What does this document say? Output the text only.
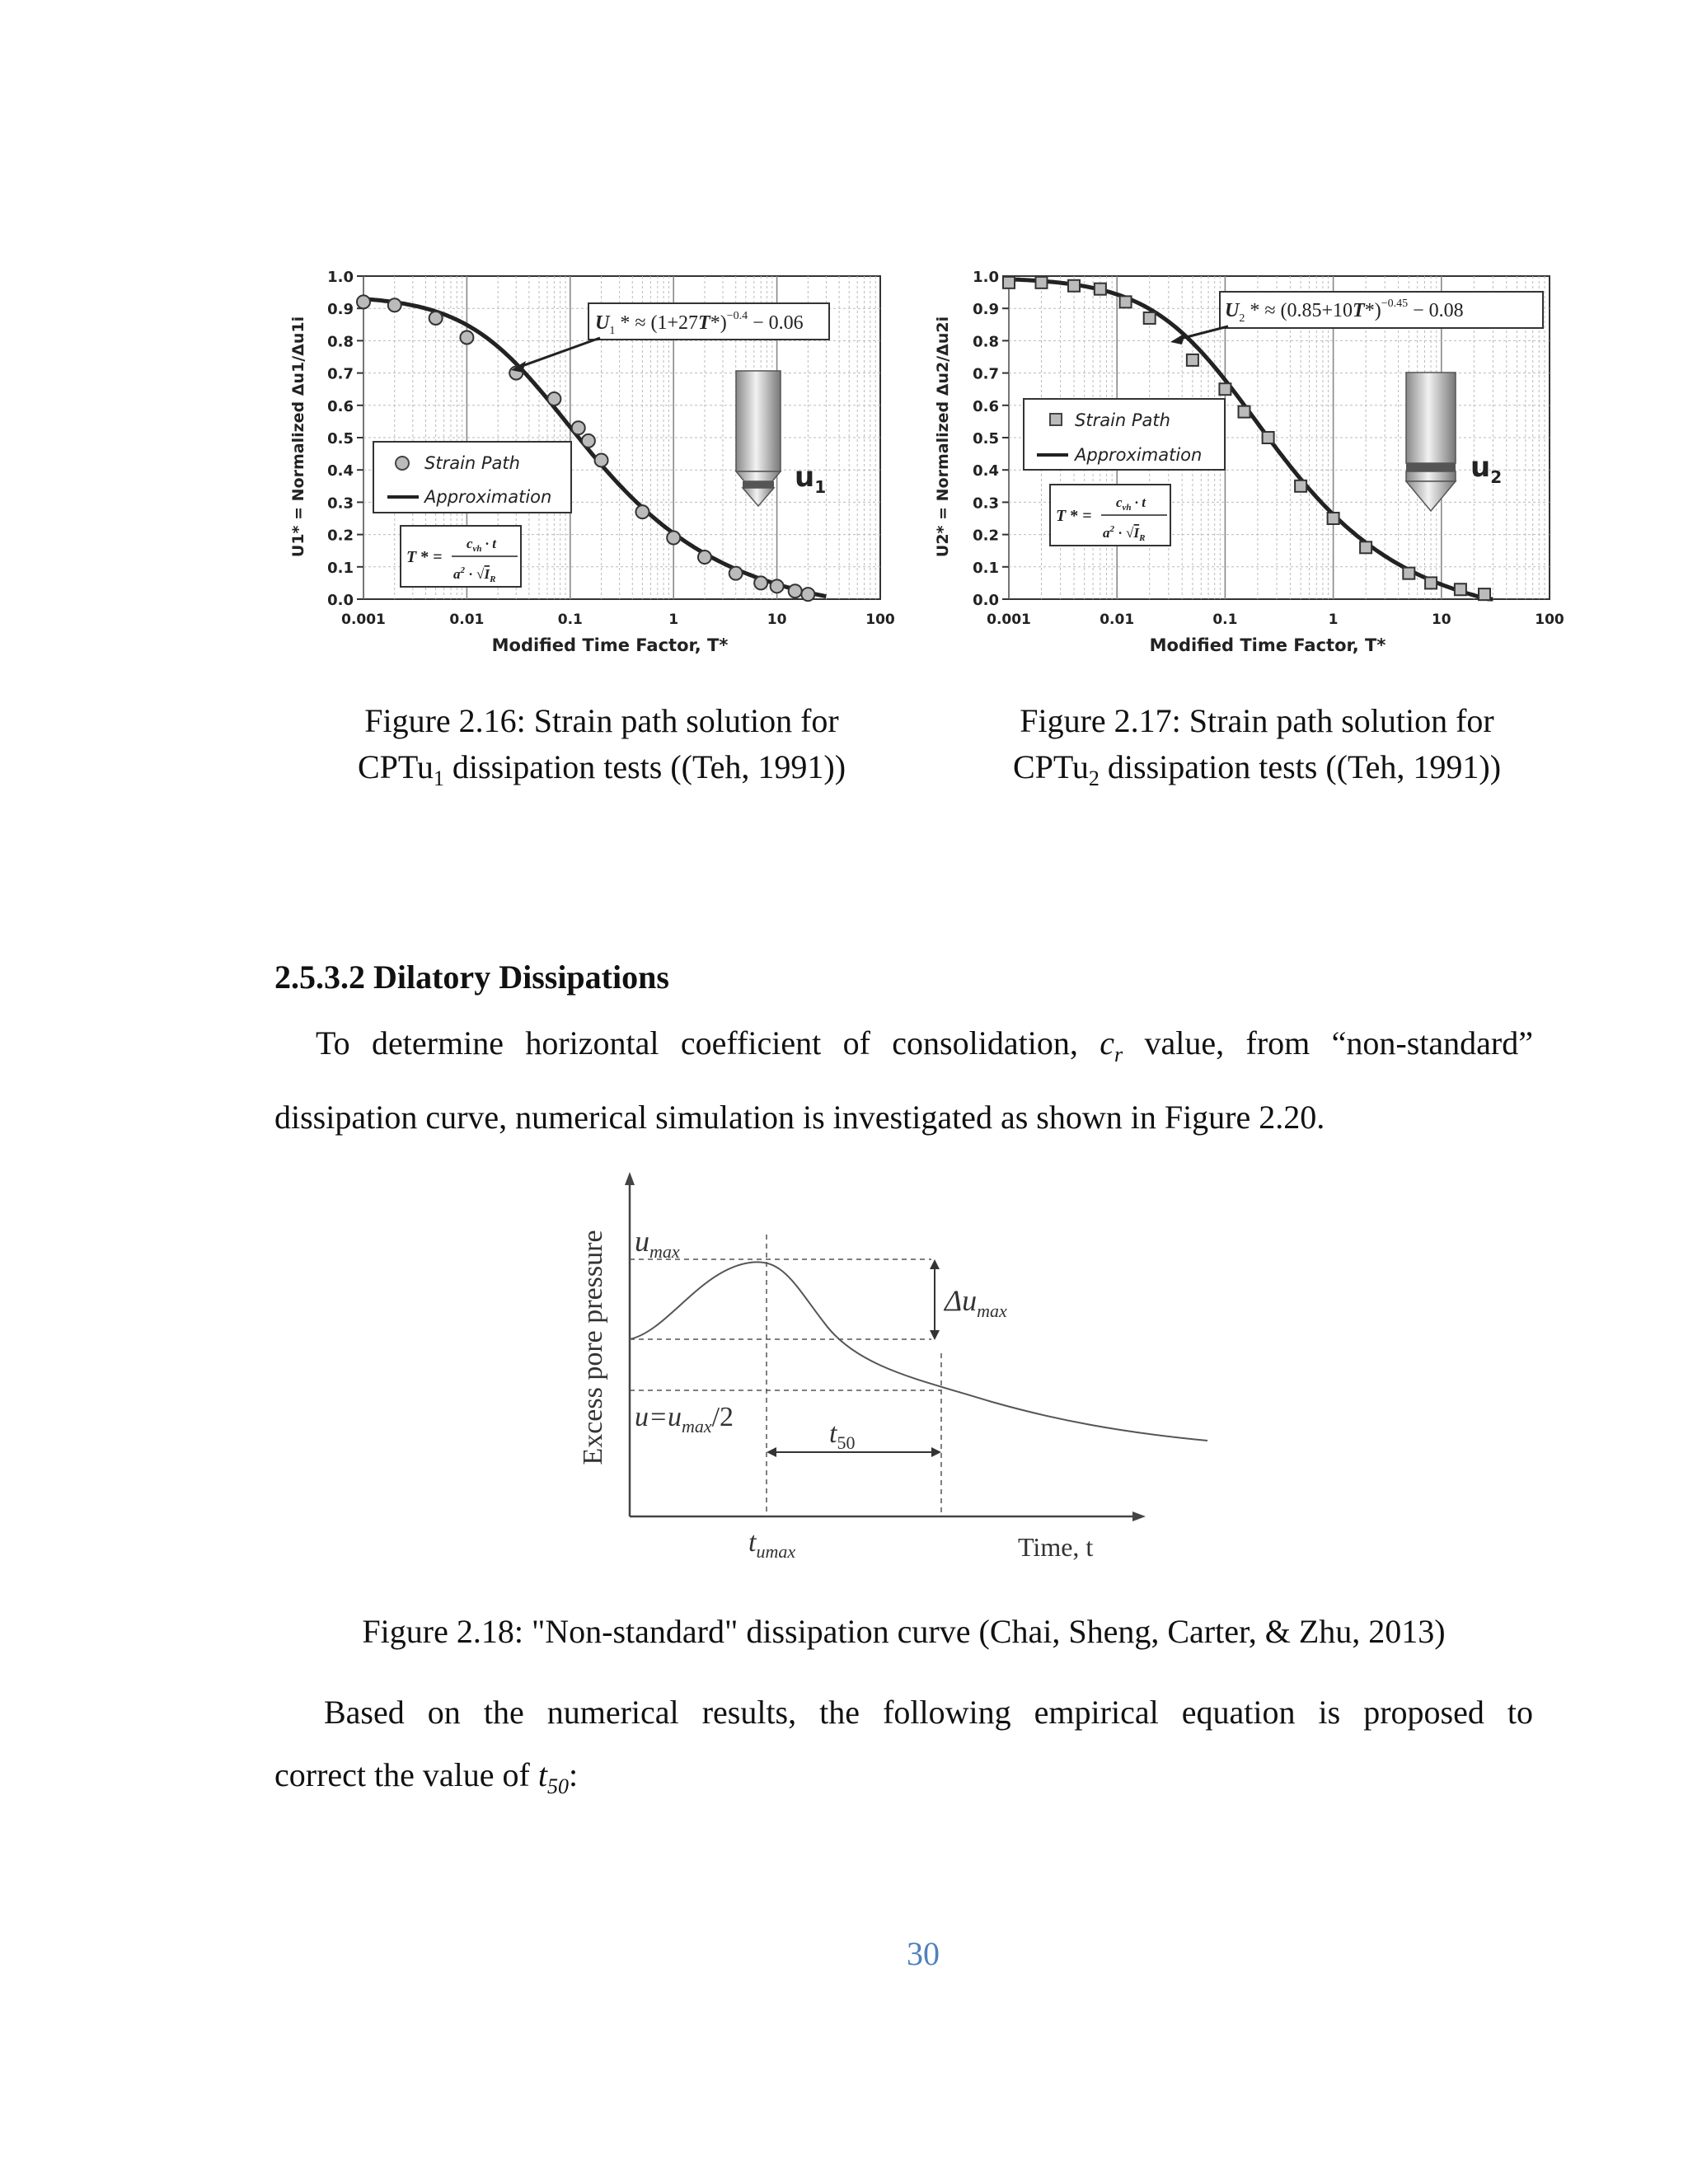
0.0
0.1
0.2
0.3
0.4
0.5
0.6
0.7
0.8
0.9
1.0
0.001	0.01	0.1	1	10	100
U1* = Normalized Δu1/Δu1i
Modified Time Factor, T*
$U_1$ * ≈ $(1+27T*)^{-0.4} - 0.06$
Strain Path
Approximation
T * =
$c_{vh} \cdot t$
$a^2 \cdot √I_R$
$u_1$
0.0
0.1
0.2
0.3
0.4
0.5
0.6
0.7
0.8
0.9
1.0
0.001	0.01	0.1	1	10	100
U2* = Normalized Δu2/Δu2i
Modified Time Factor, T*
$U_2$ * ≈ $(0.85+10T*)^{-0.45} - 0.08$
Strain Path
Approximation
T * =
$c_{vh} \cdot t$
$a^2 \cdot √I_R$
$u_2$
Figure 2.16: Strain path solution for
CPTu$_1$ dissipation tests ((Teh, 1991))
Figure 2.17: Strain path solution for
CPTu$_2$ dissipation tests ((Teh, 1991))
2.5.3.2 Dilatory Dissipations
To determine horizontal coefficient of consolidation, $c_r$ value, from “non-standard”
dissipation curve, numerical simulation is investigated as shown in Figure 2.20.
Excess pore pressure
Time, t
$u_{max}$
$\Delta u_{max}$
$u=u_{max}/2$
$t_{50}$
$t_{umax}$
Figure 2.18: "Non-standard" dissipation curve (Chai, Sheng, Carter, & Zhu, 2013)
Based on the numerical results, the following empirical equation is proposed to
correct the value of $t_{50}$:
30
